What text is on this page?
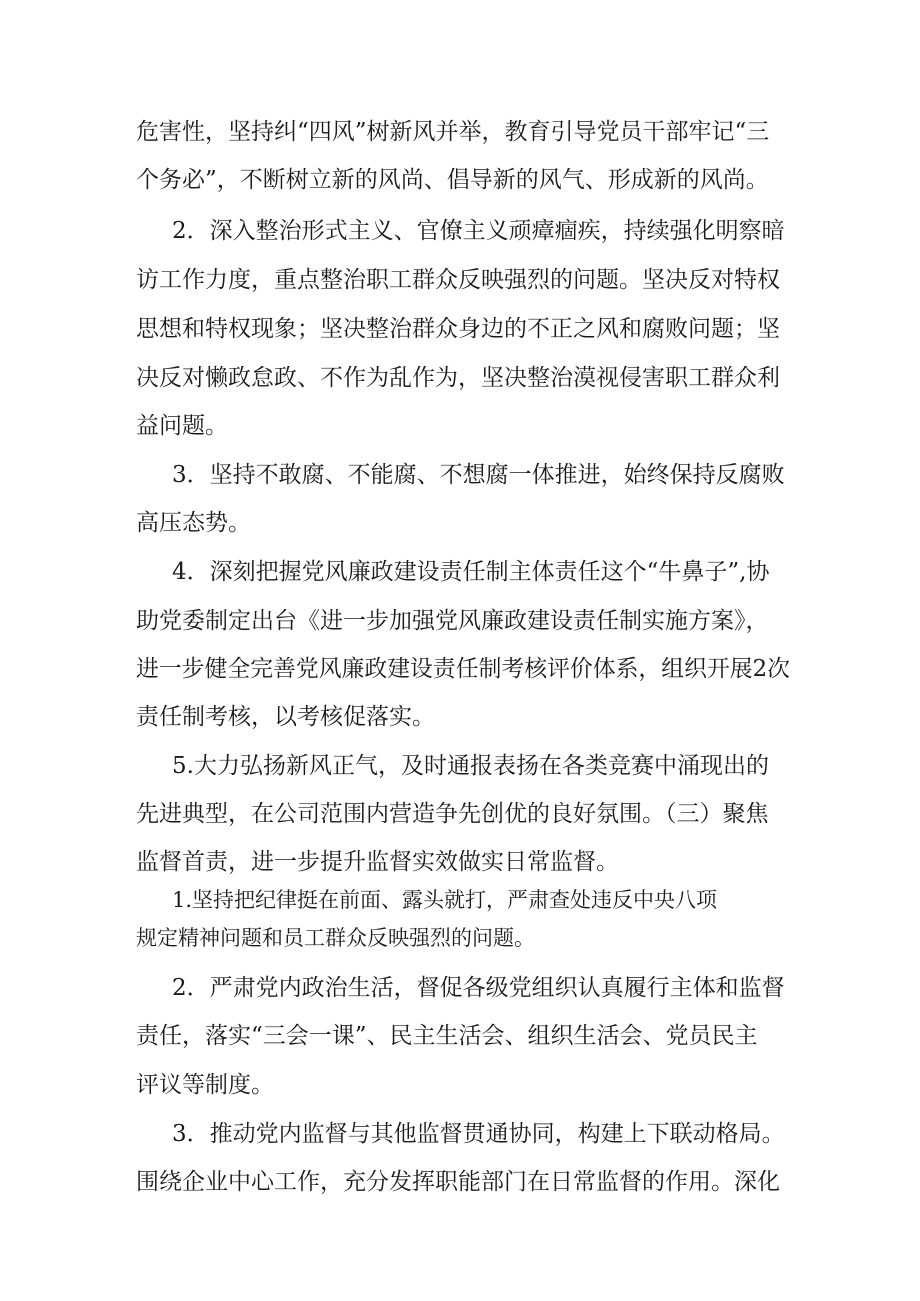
危害性，坚持纠“四风”树新风并举，教育引导党员干部牢记“三

个务必”，不断树立新的风尚、倡导新的风气、形成新的风尚。

2．深入整治形式主义、官僚主义顽瘴痼疾，持续强化明察暗

访工作力度，重点整治职工群众反映强烈的问题。坚决反对特权

思想和特权现象；坚决整治群众身边的不正之风和腐败问题；坚

决反对懒政怠政、不作为乱作为，坚决整治漠视侵害职工群众利

益问题。

3．坚持不敢腐、不能腐、不想腐一体推进，始终保持反腐败

高压态势。

4．深刻把握党风廉政建设责任制主体责任这个“牛鼻子”,协

助党委制定出台《进一步加强党风廉政建设责任制实施方案》，

进一步健全完善党风廉政建设责任制考核评价体系，组织开展2次

责任制考核，以考核促落实。

5.大力弘扬新风正气，及时通报表扬在各类竞赛中涌现出的

先进典型，在公司范围内营造争先创优的良好氛围。（三）聚焦

监督首责，进一步提升监督实效做实日常监督。

1.坚持把纪律挺在前面、露头就打，严肃查处违反中央八项

规定精神问题和员工群众反映强烈的问题。

2．严肃党内政治生活，督促各级党组织认真履行主体和监督

责任，落实“三会一课”、民主生活会、组织生活会、党员民主

评议等制度。

3．推动党内监督与其他监督贯通协同，构建上下联动格局。

围绕企业中心工作，充分发挥职能部门在日常监督的作用。深化
